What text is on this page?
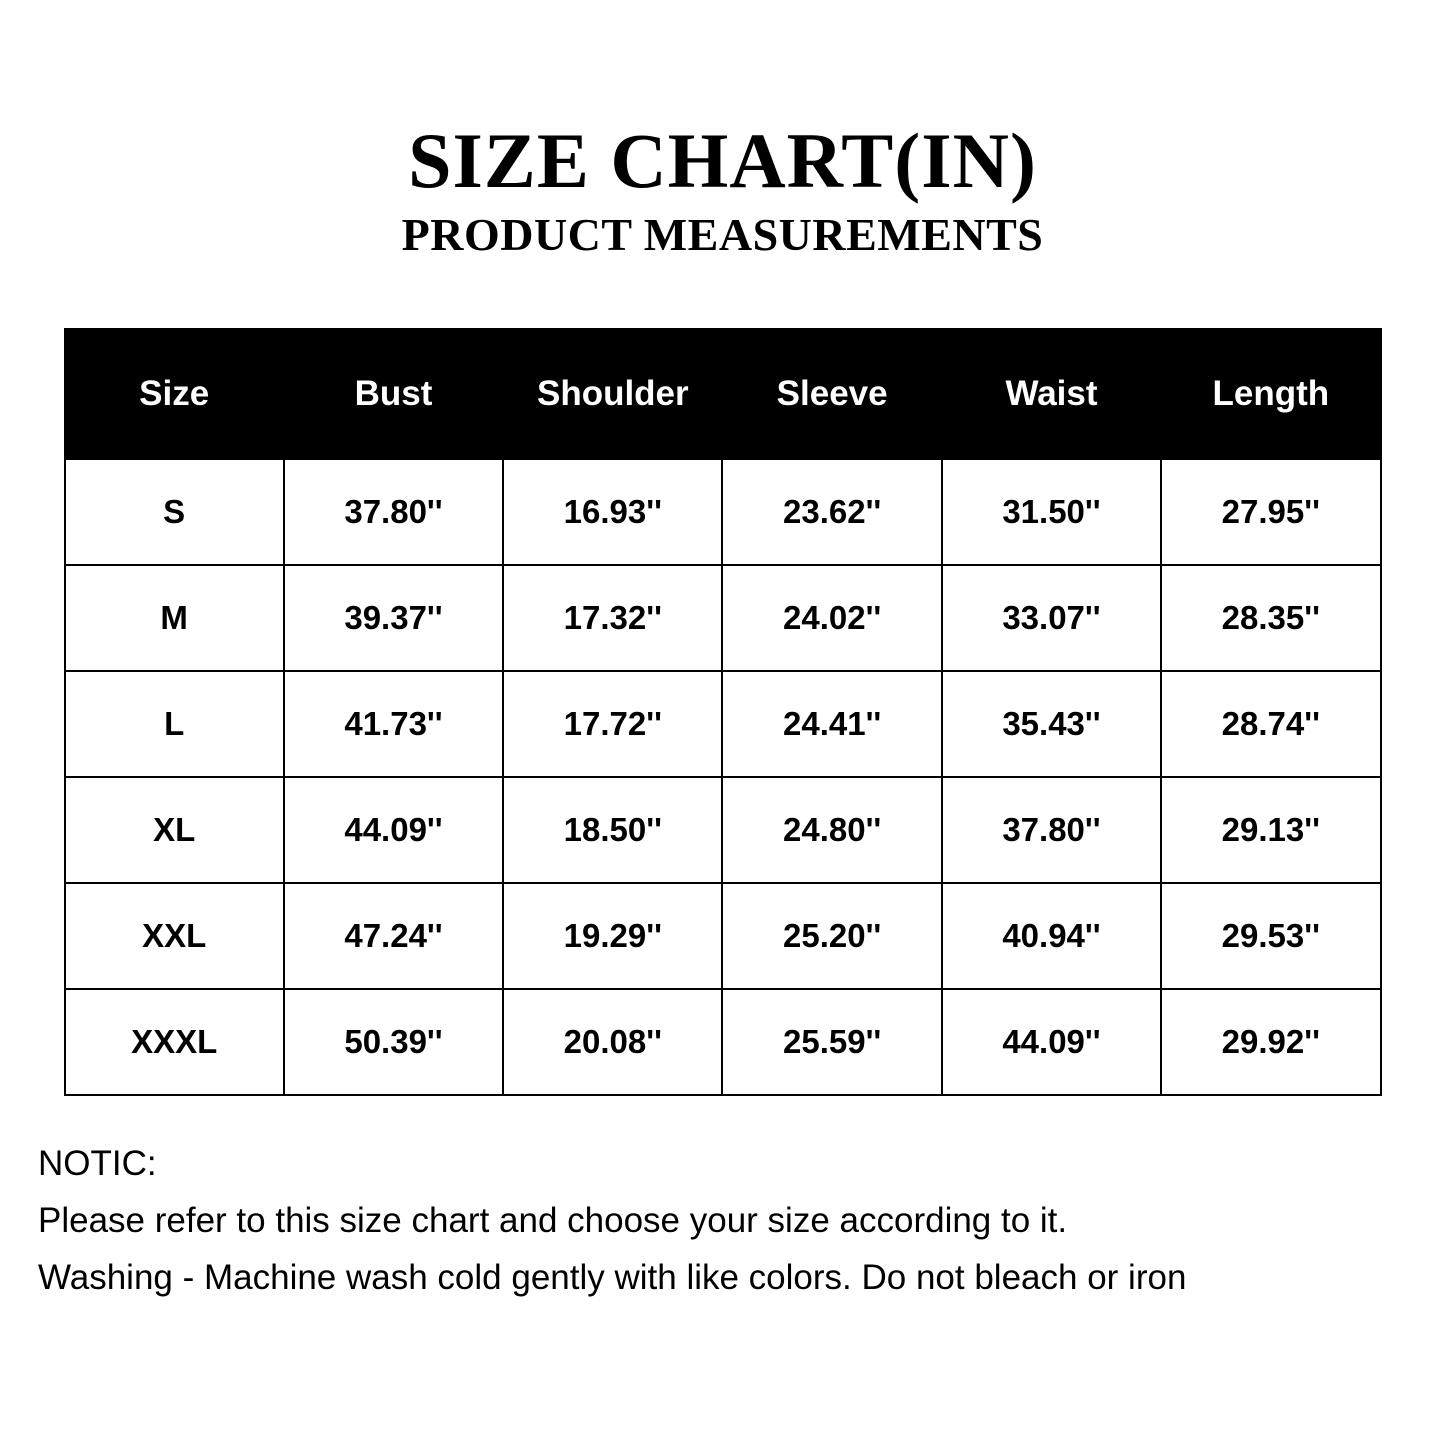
SIZE CHART(IN)
PRODUCT MEASUREMENTS
Size	Bust	Shoulder	Sleeve	Waist	Length
S	37.80''	16.93''	23.62''	31.50''	27.95''
M	39.37''	17.32''	24.02''	33.07''	28.35''
L	41.73''	17.72''	24.41''	35.43''	28.74''
XL	44.09''	18.50''	24.80''	37.80''	29.13''
XXL	47.24''	19.29''	25.20''	40.94''	29.53''
XXXL	50.39''	20.08''	25.59''	44.09''	29.92''
NOTIC:
Please refer to this size chart and choose your size according to it.
Washing - Machine wash cold gently with like colors. Do not bleach or iron
